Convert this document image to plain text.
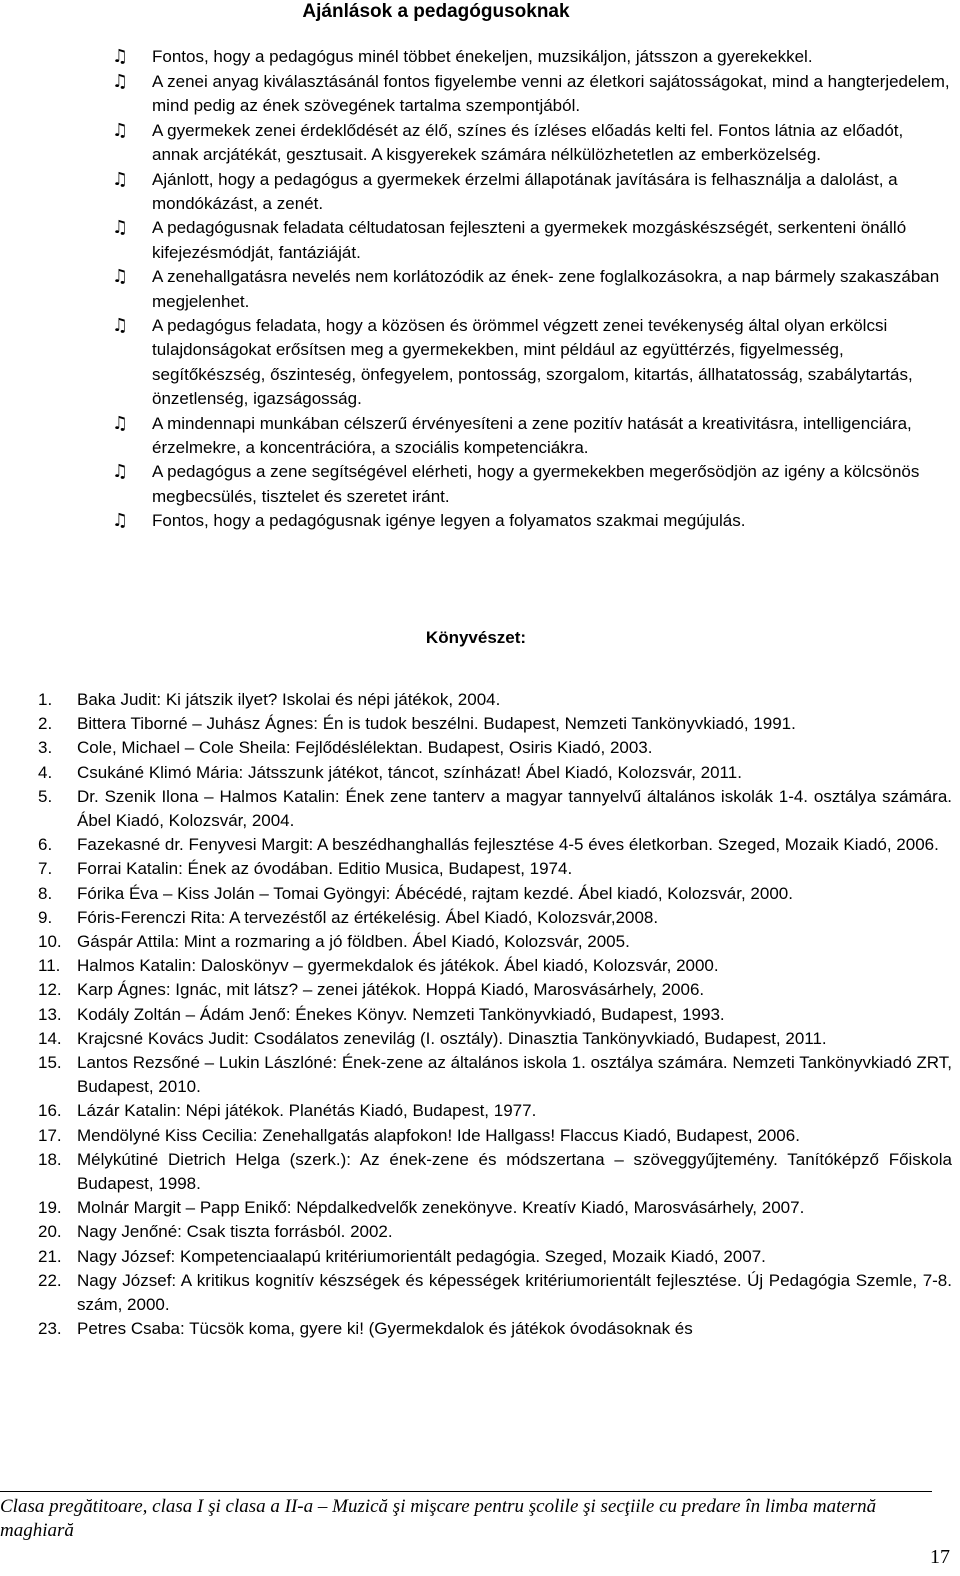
Ajánlások a pedagógusoknak
♫	Fontos, hogy a pedagógus minél többet énekeljen, muzsikáljon, játsszon a gyerekekkel.
♫	A zenei anyag kiválasztásánál fontos figyelembe venni az életkori sajátosságokat, mind a hangterjedelem, mind pedig az ének szövegének tartalma szempontjából.
♫	A gyermekek zenei érdeklődését az élő, színes és ízléses előadás kelti fel. Fontos látnia az előadót, annak arcjátékát, gesztusait. A kisgyerekek számára nélkülözhetetlen az emberközelség.
♫	Ajánlott, hogy a pedagógus a gyermekek érzelmi állapotának javítására is felhasználja a dalolást, a mondókázást, a zenét.
♫	A pedagógusnak feladata céltudatosan fejleszteni a gyermekek mozgáskészségét, serkenteni önálló kifejezésmódját, fantáziáját.
♫	A zenehallgatásra nevelés nem korlátozódik az ének- zene foglalkozásokra, a nap bármely szakaszában megjelenhet.
♫	A pedagógus feladata, hogy a közösen és örömmel végzett zenei tevékenység által olyan erkölcsi tulajdonságokat erősítsen meg a gyermekekben, mint például az együttérzés, figyelmesség, segítőkészség, őszinteség, önfegyelem, pontosság, szorgalom, kitartás, állhatatosság, szabálytartás, önzetlenség, igazságosság.
♫	A mindennapi munkában célszerű érvényesíteni a zene pozitív hatását a kreativitásra, intelligenciára, érzelmekre, a koncentrációra, a szociális kompetenciákra.
♫	A pedagógus a zene segítségével elérheti, hogy a gyermekekben megerősödjön az igény a kölcsönös megbecsülés, tisztelet és szeretet iránt.
♫	Fontos, hogy a pedagógusnak igénye legyen a folyamatos szakmai megújulás.
Könyvészet:
1. Baka Judit: Ki játszik ilyet? Iskolai és népi játékok, 2004.
2. Bittera Tiborné – Juhász Ágnes: Én is tudok beszélni. Budapest, Nemzeti Tankönyvkiadó, 1991.
3. Cole, Michael – Cole Sheila: Fejlődéslélektan. Budapest, Osiris Kiadó, 2003.
4. Csukáné Klimó Mária: Játsszunk játékot, táncot, színházat! Ábel Kiadó, Kolozsvár, 2011.
5. Dr. Szenik Ilona – Halmos Katalin: Ének zene tanterv a magyar tannyelvű általános iskolák 1-4. osztálya számára. Ábel Kiadó, Kolozsvár, 2004.
6. Fazekasné dr. Fenyvesi Margit: A beszédhanghallás fejlesztése 4-5 éves életkorban. Szeged, Mozaik Kiadó, 2006.
7. Forrai Katalin: Ének az óvodában. Editio Musica, Budapest, 1974.
8. Fórika Éva – Kiss Jolán – Tomai Gyöngyi: Ábécédé, rajtam kezdé. Ábel kiadó, Kolozsvár, 2000.
9. Fóris-Ferenczi Rita: A tervezéstől az értékelésig. Ábel Kiadó, Kolozsvár,2008.
10. Gáspár Attila: Mint a rozmaring a jó földben. Ábel Kiadó, Kolozsvár, 2005.
11. Halmos Katalin: Daloskönyv – gyermekdalok és játékok. Ábel kiadó, Kolozsvár, 2000.
12. Karp Ágnes: Ignác, mit látsz? – zenei játékok. Hoppá Kiadó, Marosvásárhely, 2006.
13. Kodály Zoltán – Ádám Jenő: Énekes Könyv. Nemzeti Tankönyvkiadó, Budapest, 1993.
14. Krajcsné Kovács Judit: Csodálatos zenevilág (I. osztály). Dinasztia Tankönyvkiadó, Budapest, 2011.
15. Lantos Rezsőné – Lukin Lászlóné: Ének-zene az általános iskola 1. osztálya számára. Nemzeti Tankönyvkiadó ZRT, Budapest, 2010.
16. Lázár Katalin: Népi játékok. Planétás Kiadó, Budapest, 1977.
17. Mendölyné Kiss Cecilia: Zenehallgatás alapfokon! Ide Hallgass! Flaccus Kiadó, Budapest, 2006.
18. Mélykútiné Dietrich Helga (szerk.): Az ének-zene és módszertana – szöveggyűjtemény. Tanítóképző Főiskola Budapest, 1998.
19. Molnár Margit – Papp Enikő: Népdalkedvelők zenekönyve. Kreatív Kiadó, Marosvásárhely, 2007.
20. Nagy Jenőné: Csak tiszta forrásból. 2002.
21. Nagy József: Kompetenciaalapú kritériumorientált pedagógia. Szeged, Mozaik Kiadó, 2007.
22. Nagy József: A kritikus kognitív készségek és képességek kritériumorientált fejlesztése. Új Pedagógia Szemle, 7-8. szám, 2000.
23. Petres Csaba: Tücsök koma, gyere ki! (Gyermekdalok és játékok óvodásoknak és
Clasa pregătitoare, clasa I şi clasa a II-a – Muzică şi mişcare pentru şcolile şi secţiile cu predare în limba maternă maghiară
17
